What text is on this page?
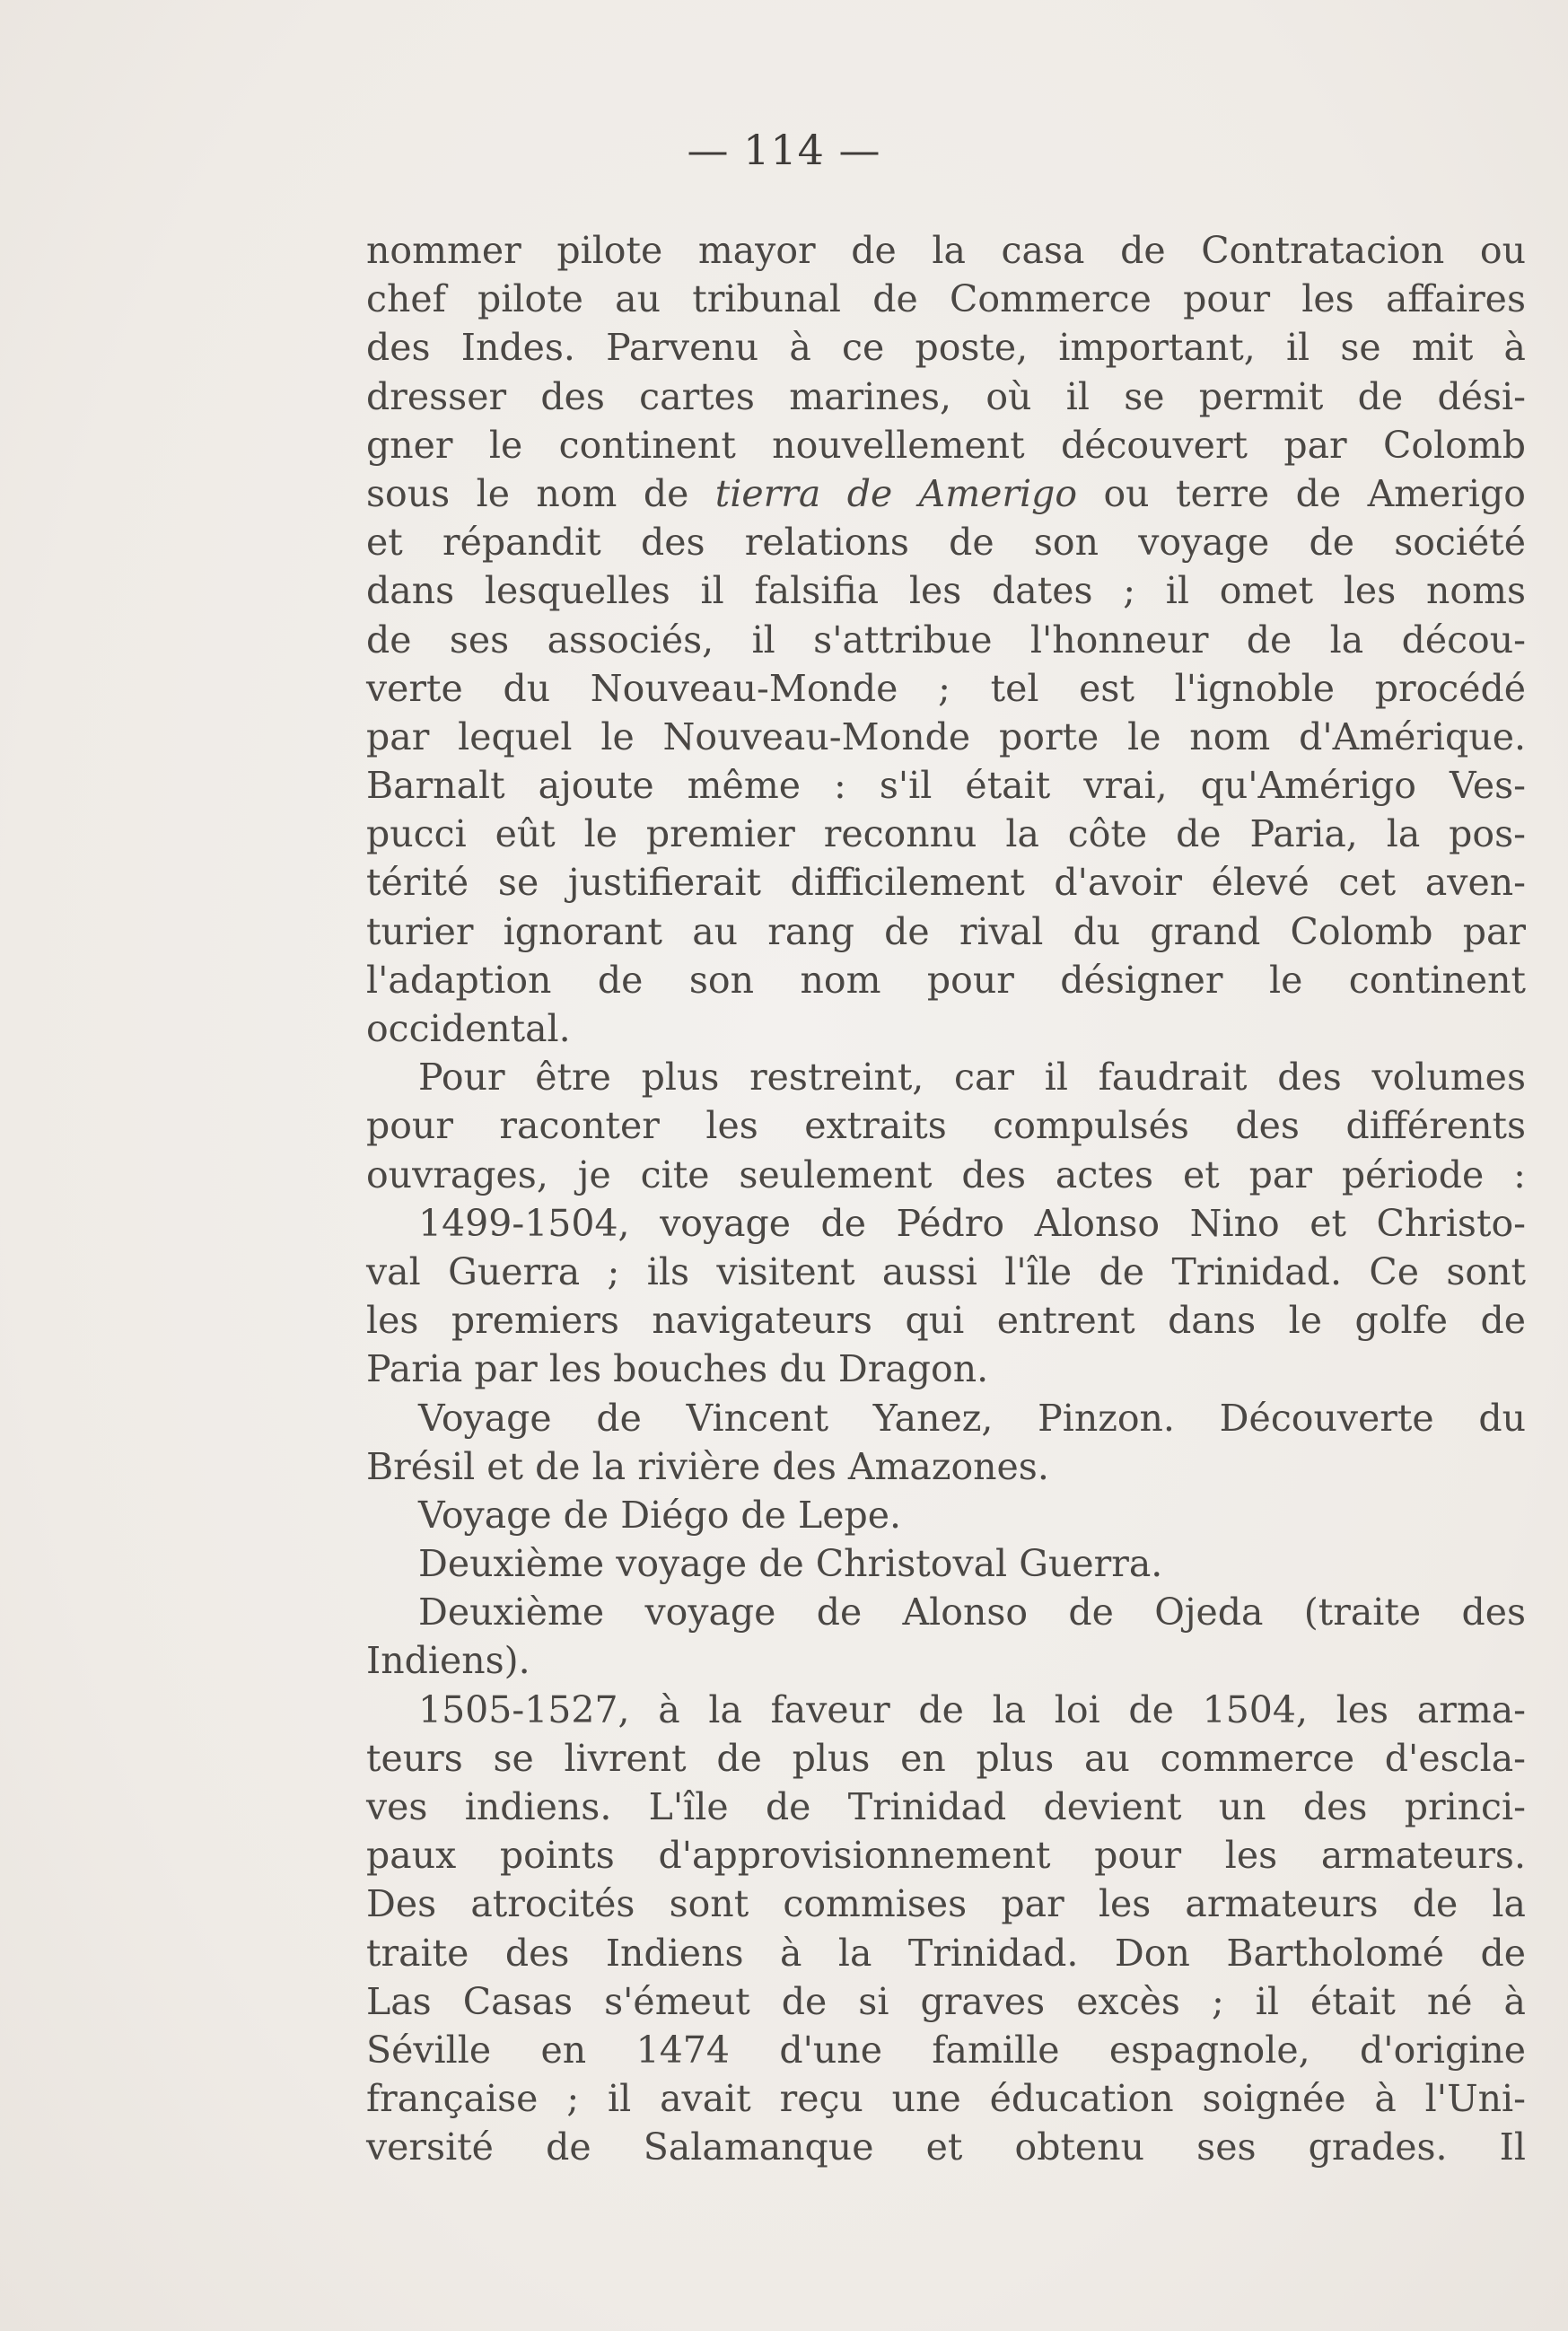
— 114 —
nommer pilote mayor de la casa de Contratacion ou
chef pilote au tribunal de Commerce pour les affaires
des Indes. Parvenu à ce poste, important, il se mit à
dresser des cartes marines, où il se permit de dési-
gner le continent nouvellement découvert par Colomb
sous le nom de tierra de Amerigo ou terre de Amerigo
et répandit des relations de son voyage de société
dans lesquelles il falsifia les dates ; il omet les noms
de ses associés, il s'attribue l'honneur de la décou-
verte du Nouveau-Monde ; tel est l'ignoble procédé
par lequel le Nouveau-Monde porte le nom d'Amérique.
Barnalt ajoute même : s'il était vrai, qu'Amérigo Ves-
pucci eût le premier reconnu la côte de Paria, la pos-
térité se justifierait difficilement d'avoir élevé cet aven-
turier ignorant au rang de rival du grand Colomb par
l'adaption de son nom pour désigner le continent
occidental.
Pour être plus restreint, car il faudrait des volumes
pour raconter les extraits compulsés des différents
ouvrages, je cite seulement des actes et par période :
1499-1504, voyage de Pédro Alonso Nino et Christo-
val Guerra ; ils visitent aussi l'île de Trinidad. Ce sont
les premiers navigateurs qui entrent dans le golfe de
Paria par les bouches du Dragon.
Voyage de Vincent Yanez, Pinzon. Découverte du
Brésil et de la rivière des Amazones.
Voyage de Diégo de Lepe.
Deuxième voyage de Christoval Guerra.
Deuxième voyage de Alonso de Ojeda (traite des
Indiens).
1505-1527, à la faveur de la loi de 1504, les arma-
teurs se livrent de plus en plus au commerce d'escla-
ves indiens. L'île de Trinidad devient un des princi-
paux points d'approvisionnement pour les armateurs.
Des atrocités sont commises par les armateurs de la
traite des Indiens à la Trinidad. Don Bartholomé de
Las Casas s'émeut de si graves excès ; il était né à
Séville en 1474 d'une famille espagnole, d'origine
française ; il avait reçu une éducation soignée à l'Uni-
versité de Salamanque et obtenu ses grades. Il
